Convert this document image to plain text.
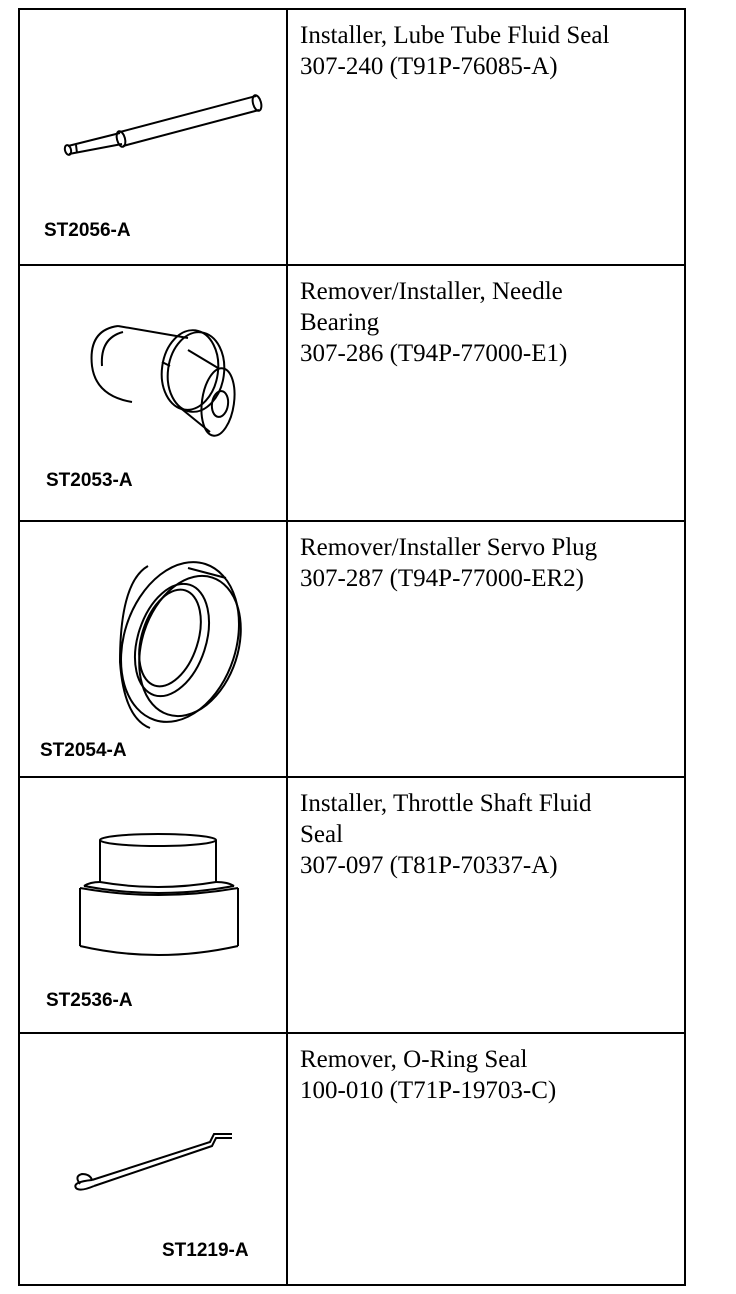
ST2056-A
Installer, Lube Tube Fluid Seal
307-240 (T91P-76085-A)
ST2053-A
Remover/Installer, Needle
Bearing
307-286 (T94P-77000-E1)
ST2054-A
Remover/Installer Servo Plug
307-287 (T94P-77000-ER2)
ST2536-A
Installer, Throttle Shaft Fluid
Seal
307-097 (T81P-70337-A)
ST1219-A
Remover, O-Ring Seal
100-010 (T71P-19703-C)
